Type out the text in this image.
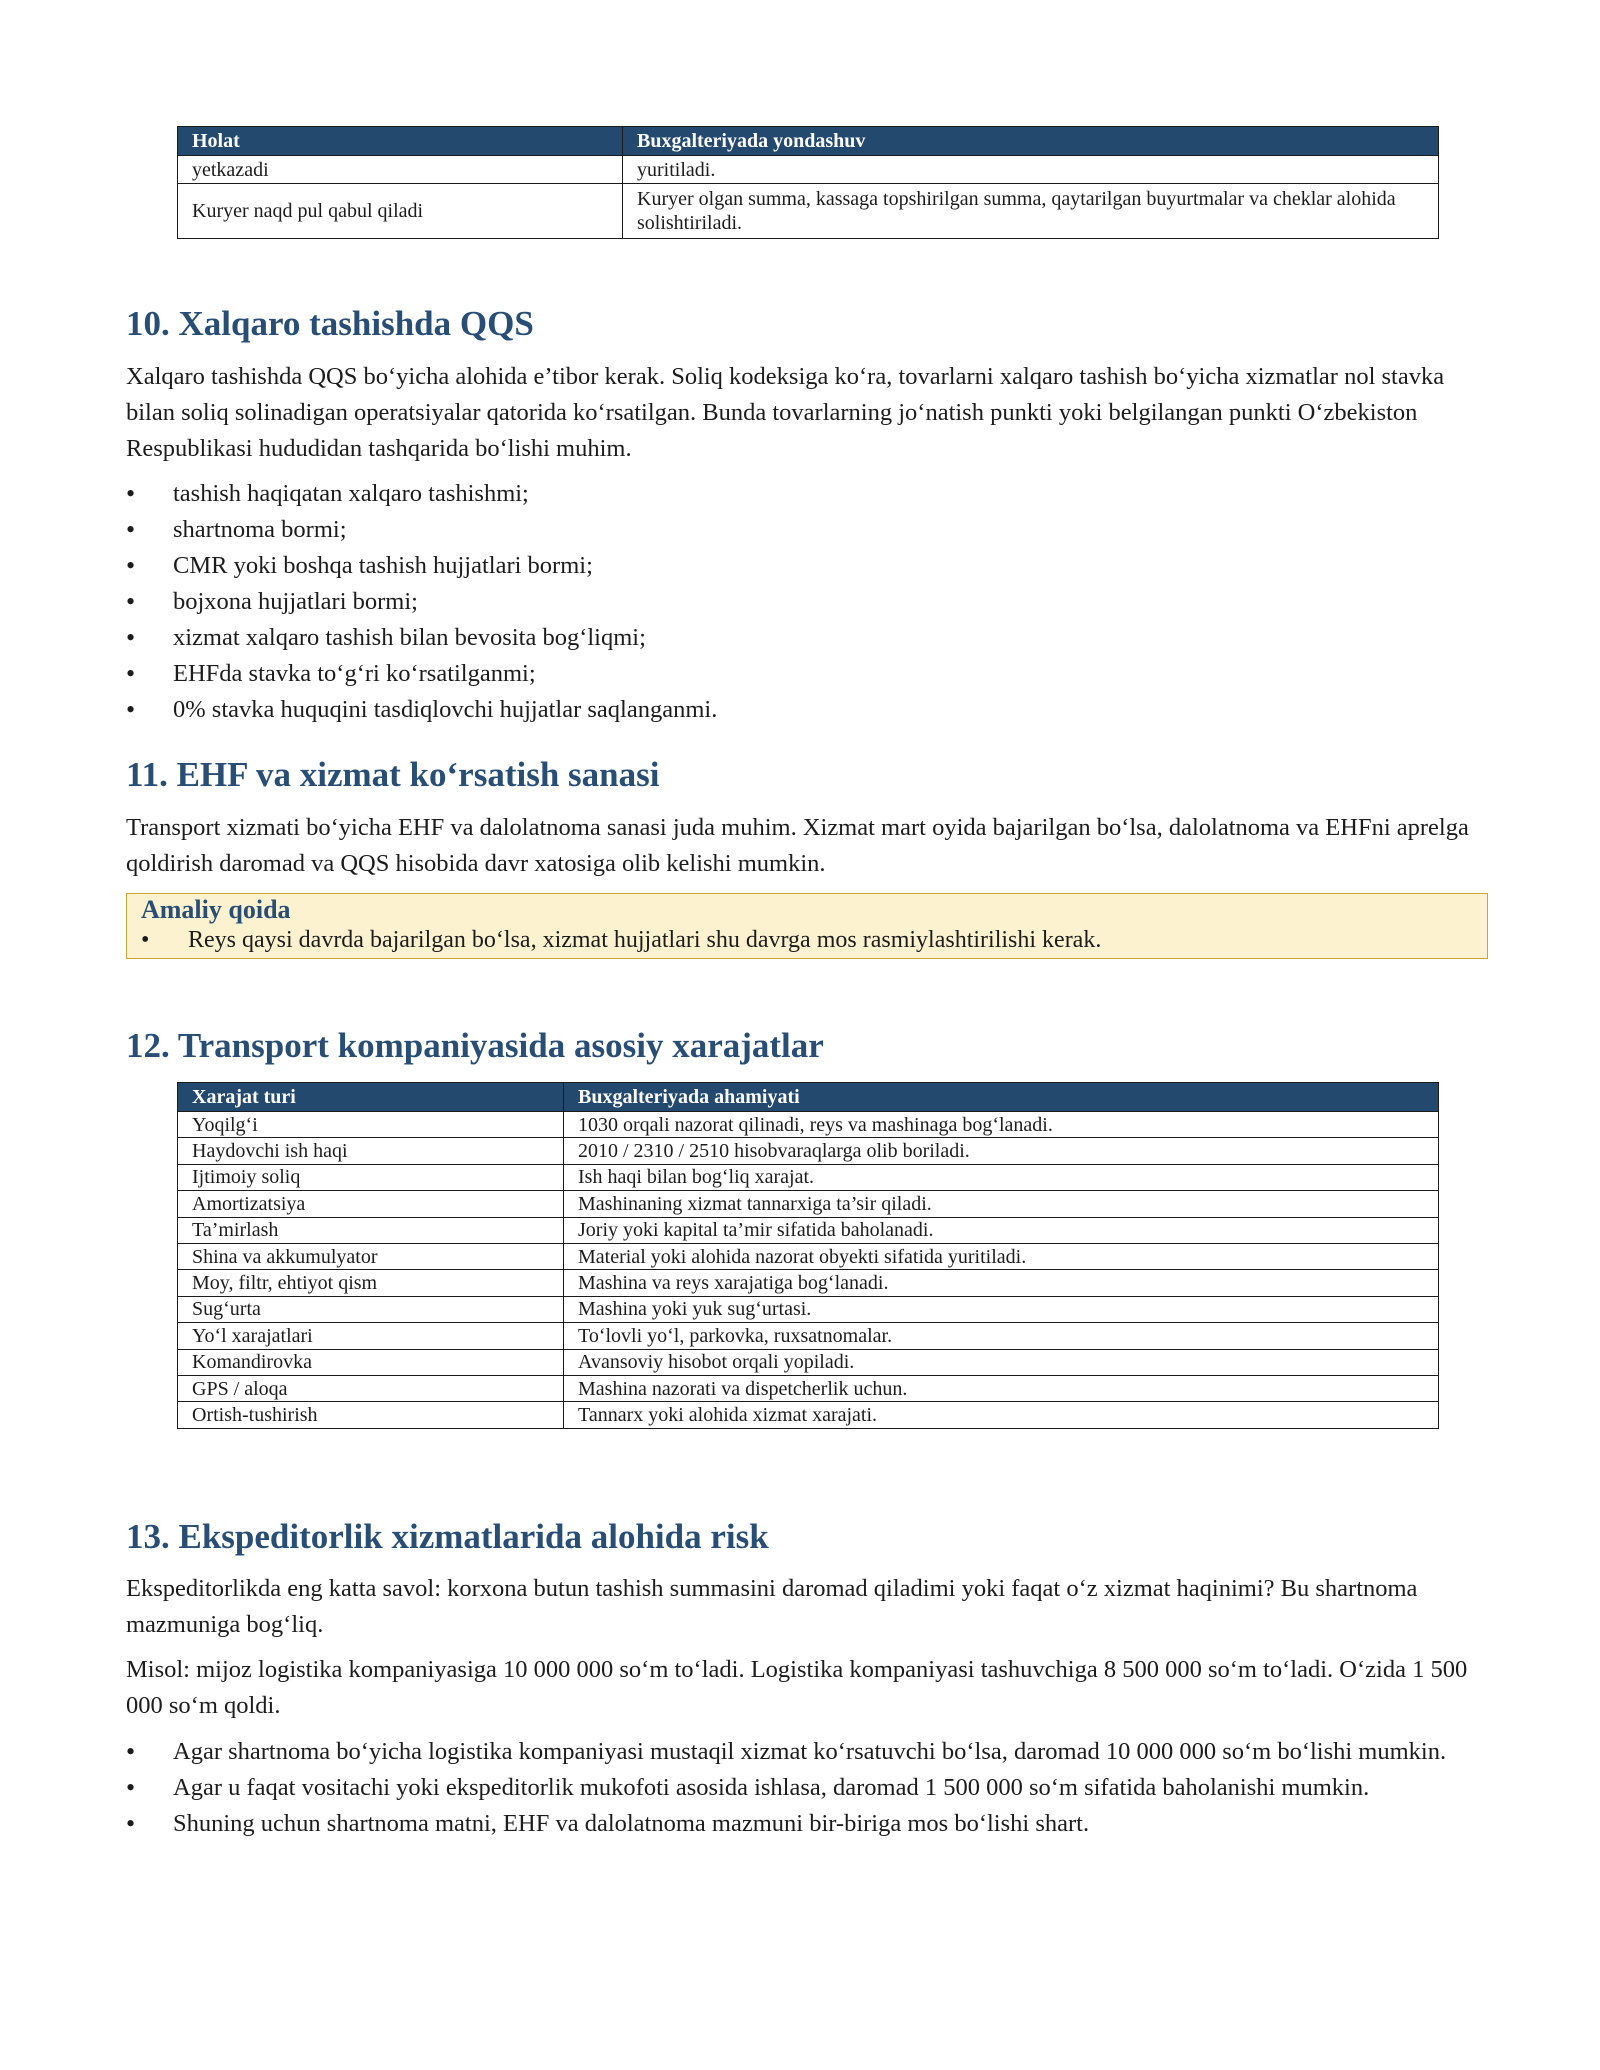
Holat	Buxgalteriyada yondashuv
yetkazadi	yuritiladi.
Kuryer naqd pul qabul qiladi	Kuryer olgan summa, kassaga topshirilgan summa, qaytarilgan buyurtmalar va cheklar alohida solishtiriladi.
10. Xalqaro tashishda QQS

Xalqaro tashishda QQS bo‘yicha alohida e’tibor kerak. Soliq kodeksiga ko‘ra, tovarlarni xalqaro tashish bo‘yicha xizmatlar nol stavka bilan soliq solinadigan operatsiyalar qatorida ko‘rsatilgan. Bunda tovarlarning jo‘natish punkti yoki belgilangan punkti O‘zbekiston Respublikasi hududidan tashqarida bo‘lishi muhim.

• tashish haqiqatan xalqaro tashishmi;
• shartnoma bormi;
• CMR yoki boshqa tashish hujjatlari bormi;
• bojxona hujjatlari bormi;
• xizmat xalqaro tashish bilan bevosita bog‘liqmi;
• EHFda stavka to‘g‘ri ko‘rsatilganmi;
• 0% stavka huquqini tasdiqlovchi hujjatlar saqlanganmi.
11. EHF va xizmat ko‘rsatish sanasi

Transport xizmati bo‘yicha EHF va dalolatnoma sanasi juda muhim. Xizmat mart oyida bajarilgan bo‘lsa, dalolatnoma va EHFni aprelga qoldirish daromad va QQS hisobida davr xatosiga olib kelishi mumkin.

Amaliy qoida
• Reys qaysi davrda bajarilgan bo‘lsa, xizmat hujjatlari shu davrga mos rasmiylashtirilishi kerak.
12. Transport kompaniyasida asosiy xarajatlar
Xarajat turi	Buxgalteriyada ahamiyati
Yoqilg‘i	1030 orqali nazorat qilinadi, reys va mashinaga bog‘lanadi.
Haydovchi ish haqi	2010 / 2310 / 2510 hisobvaraqlarga olib boriladi.
Ijtimoiy soliq	Ish haqi bilan bog‘liq xarajat.
Amortizatsiya	Mashinaning xizmat tannarxiga ta’sir qiladi.
Ta’mirlash	Joriy yoki kapital ta’mir sifatida baholanadi.
Shina va akkumulyator	Material yoki alohida nazorat obyekti sifatida yuritiladi.
Moy, filtr, ehtiyot qism	Mashina va reys xarajatiga bog‘lanadi.
Sug‘urta	Mashina yoki yuk sug‘urtasi.
Yo‘l xarajatlari	To‘lovli yo‘l, parkovka, ruxsatnomalar.
Komandirovka	Avansoviy hisobot orqali yopiladi.
GPS / aloqa	Mashina nazorati va dispetcherlik uchun.
Ortish-tushirish	Tannarx yoki alohida xizmat xarajati.
13. Ekspeditorlik xizmatlarida alohida risk

Ekspeditorlikda eng katta savol: korxona butun tashish summasini daromad qiladimi yoki faqat o‘z xizmat haqinimi? Bu shartnoma mazmuniga bog‘liq.

Misol: mijoz logistika kompaniyasiga 10 000 000 so‘m to‘ladi. Logistika kompaniyasi tashuvchiga 8 500 000 so‘m to‘ladi. O‘zida 1 500 000 so‘m qoldi.

• Agar shartnoma bo‘yicha logistika kompaniyasi mustaqil xizmat ko‘rsatuvchi bo‘lsa, daromad 10 000 000 so‘m bo‘lishi mumkin.
• Agar u faqat vositachi yoki ekspeditorlik mukofoti asosida ishlasa, daromad 1 500 000 so‘m sifatida baholanishi mumkin.
• Shuning uchun shartnoma matni, EHF va dalolatnoma mazmuni bir-biriga mos bo‘lishi shart.
